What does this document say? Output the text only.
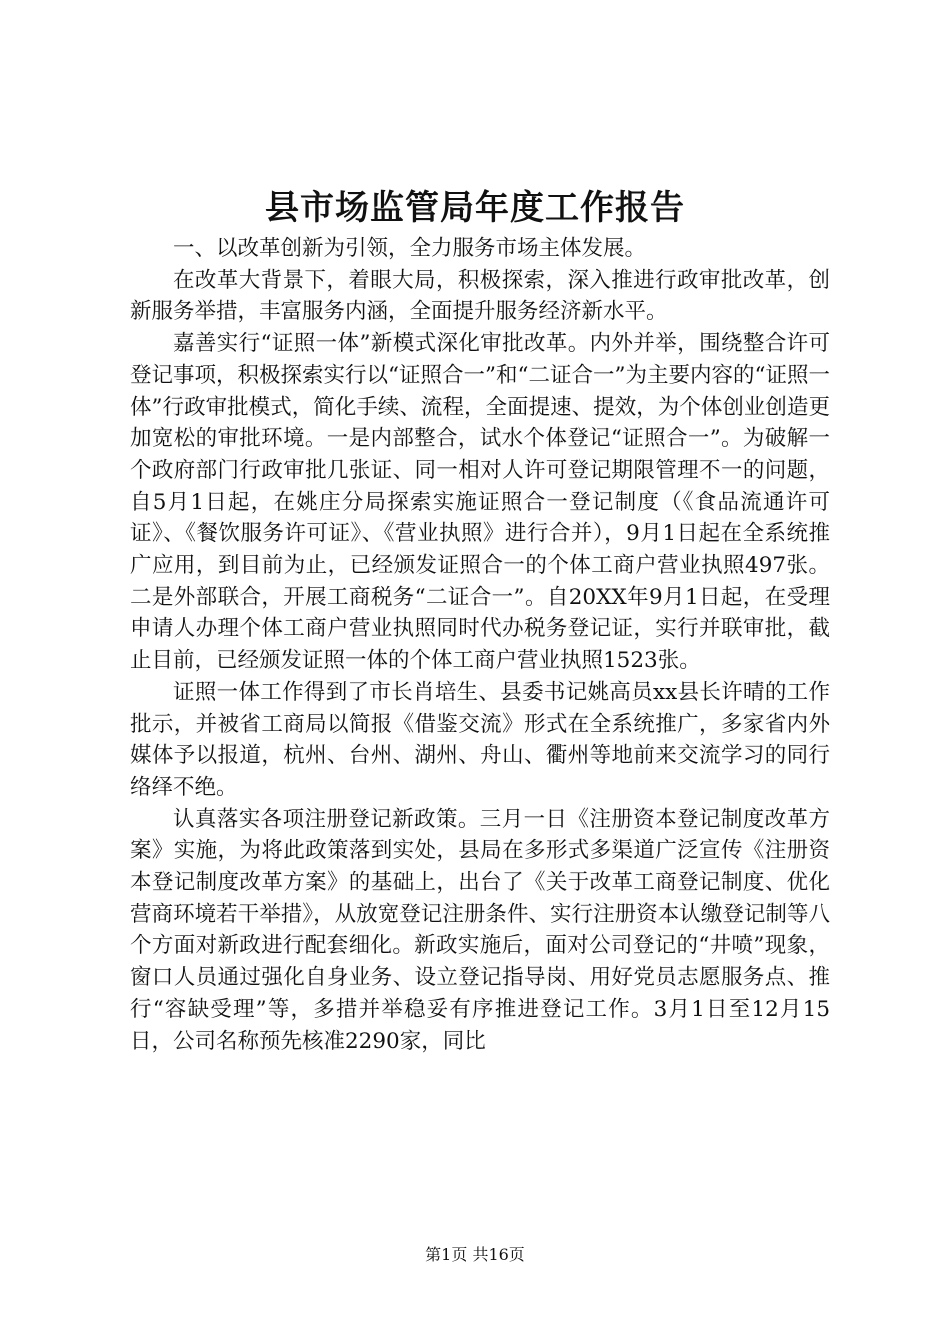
县市场监管局年度工作报告

一、以改革创新为引领，全力服务市场主体发展。

在改革大背景下，着眼大局，积极探索，深入推进行政审批改革，创新服务举措，丰富服务内涵，全面提升服务经济新水平。

嘉善实行“证照一体”新模式深化审批改革。内外并举，围绕整合许可登记事项，积极探索实行以“证照合一”和“二证合一”为主要内容的“证照一体”行政审批模式，简化手续、流程，全面提速、提效，为个体创业创造更加宽松的审批环境。一是内部整合，试水个体登记“证照合一”。为破解一个政府部门行政审批几张证、同一相对人许可登记期限管理不一的问题，自5月1日起，在姚庄分局探索实施证照合一登记制度（《食品流通许可证》、《餐饮服务许可证》、《营业执照》进行合并），9月1日起在全系统推广应用，到目前为止，已经颁发证照合一的个体工商户营业执照497张。二是外部联合，开展工商税务“二证合一”。自20XX年9月1日起，在受理申请人办理个体工商户营业执照同时代办税务登记证，实行并联审批，截止目前，已经颁发证照一体的个体工商户营业执照1523张。

证照一体工作得到了市长肖培生、县委书记姚高员xx县长许晴的工作批示，并被省工商局以简报《借鉴交流》形式在全系统推广，多家省内外媒体予以报道，杭州、台州、湖州、舟山、衢州等地前来交流学习的同行络绎不绝。

认真落实各项注册登记新政策。三月一日《注册资本登记制度改革方案》实施，为将此政策落到实处，县局在多形式多渠道广泛宣传《注册资本登记制度改革方案》的基础上，出台了《关于改革工商登记制度、优化营商环境若干举措》，从放宽登记注册条件、实行注册资本认缴登记制等八个方面对新政进行配套细化。新政实施后，面对公司登记的“井喷”现象，窗口人员通过强化自身业务、设立登记指导岗、用好党员志愿服务点、推行“容缺受理”等，多措并举稳妥有序推进登记工作。3月1日至12月15日，公司名称预先核准2290家，同比

第1页 共16页
